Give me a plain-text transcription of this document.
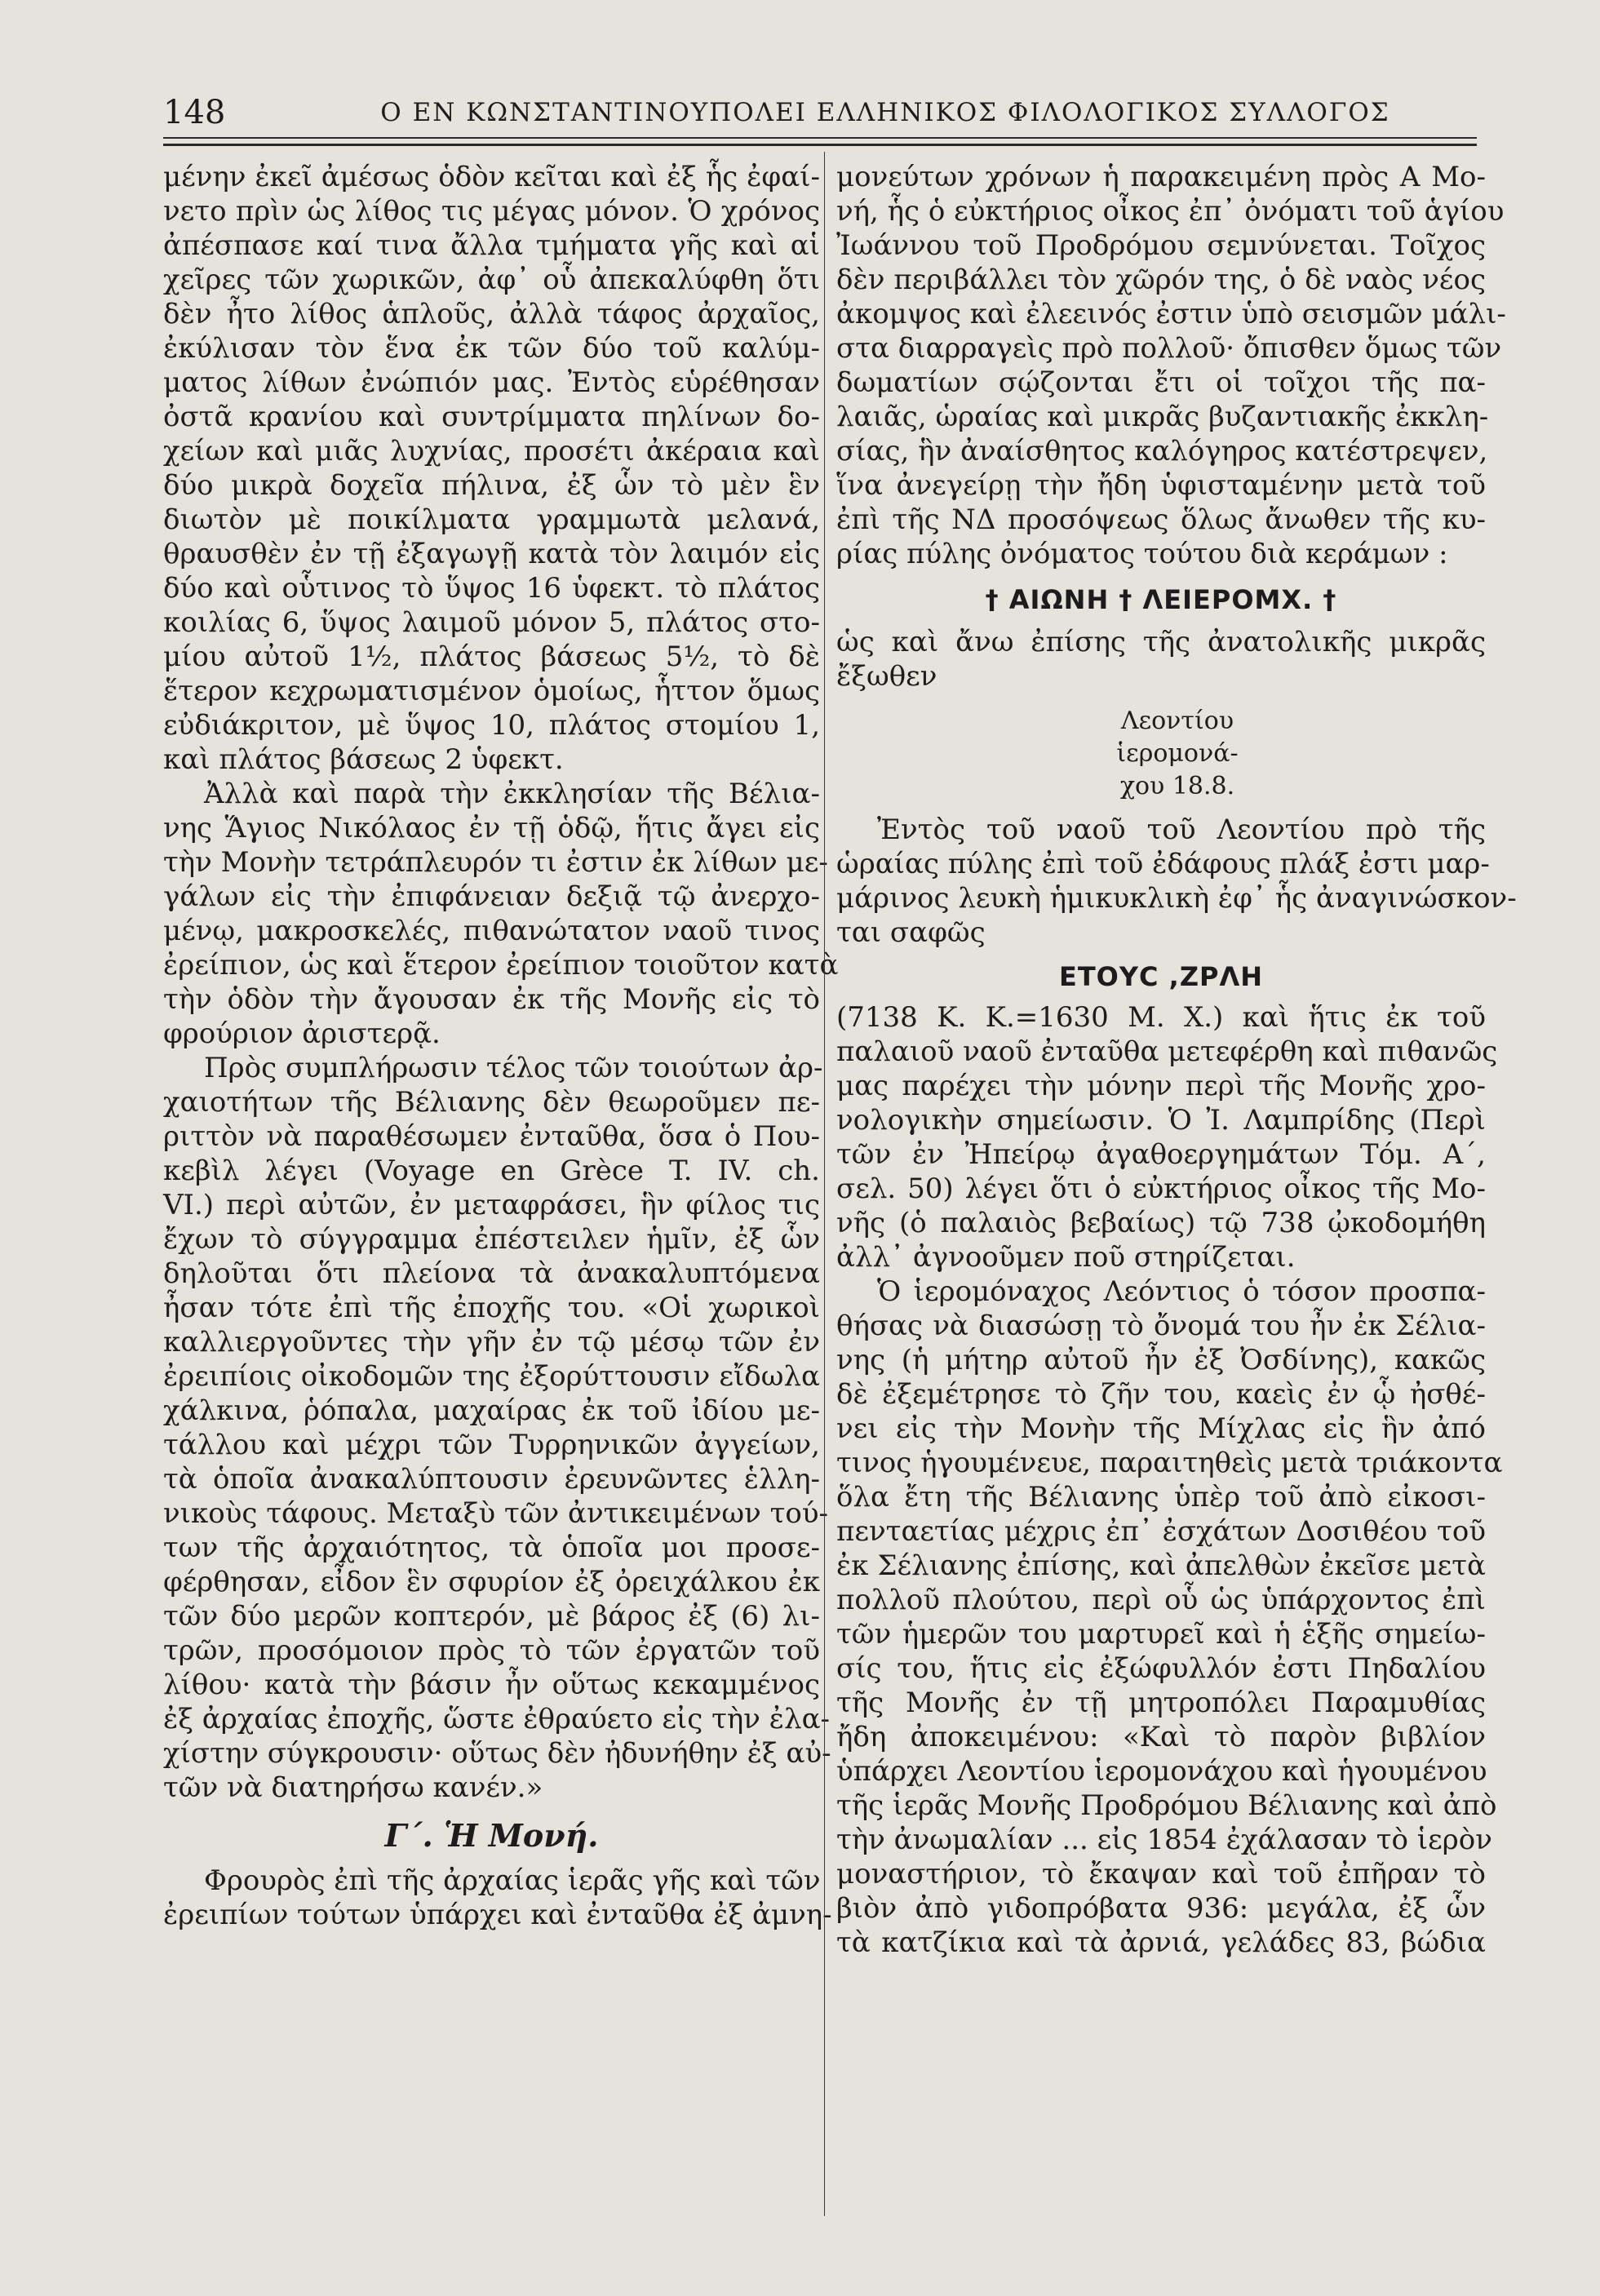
148	Ο ΕΝ ΚΩΝΣΤΑΝΤΙΝΟΥΠΟΛΕΙ ΕΛΛΗΝΙΚΟΣ ΦΙΛΟΛΟΓΙΚΟΣ ΣΥΛΛΟΓΟΣ
μένην ἐκεῖ ἀμέσως ὁδὸν κεῖται καὶ ἐξ ἧς ἐφαί-
νετο πρὶν ὡς λίθος τις μέγας μόνον. Ὁ χρόνος
ἀπέσπασε καί τινα ἄλλα τμήματα γῆς καὶ αἱ
χεῖρες τῶν χωρικῶν, ἀφ᾽ οὗ ἀπεκαλύφθη ὅτι
δὲν ἦτο λίθος ἁπλοῦς, ἀλλὰ τάφος ἀρχαῖος,
ἐκύλισαν τὸν ἕνα ἐκ τῶν δύο τοῦ καλύμ-
ματος λίθων ἐνώπιόν μας. Ἐντὸς εὑρέθησαν
ὀστᾶ κρανίου καὶ συντρίμματα πηλίνων δο-
χείων καὶ μιᾶς λυχνίας, προσέτι ἀκέραια καὶ
δύο μικρὰ δοχεῖα πήλινα, ἐξ ὧν τὸ μὲν ἓν
διωτὸν μὲ ποικίλματα γραμμωτὰ μελανά,
θραυσθὲν ἐν τῇ ἐξαγωγῇ κατὰ τὸν λαιμόν εἰς
δύο καὶ οὗτινος τὸ ὕψος 16 ὑφεκτ. τὸ πλάτος
κοιλίας 6, ὕψος λαιμοῦ μόνον 5, πλάτος στο-
μίου αὐτοῦ 1½, πλάτος βάσεως 5½, τὸ δὲ
ἕτερον κεχρωματισμένον ὁμοίως, ἧττον ὅμως
εὐδιάκριτον, μὲ ὕψος 10, πλάτος στομίου 1,
καὶ πλάτος βάσεως 2 ὑφεκτ.
Ἀλλὰ καὶ παρὰ τὴν ἐκκλησίαν τῆς Βέλια-
νης Ἅγιος Νικόλαος ἐν τῇ ὁδῷ, ἥτις ἄγει εἰς
τὴν Μονὴν τετράπλευρόν τι ἐστιν ἐκ λίθων με-
γάλων εἰς τὴν ἐπιφάνειαν δεξιᾷ τῷ ἀνερχο-
μένῳ, μακροσκελές, πιθανώτατον ναοῦ τινος
ἐρείπιον, ὡς καὶ ἕτερον ἐρείπιον τοιοῦτον κατὰ
τὴν ὁδὸν τὴν ἄγουσαν ἐκ τῆς Μονῆς εἰς τὸ
φρούριον ἀριστερᾷ.
Πρὸς συμπλήρωσιν τέλος τῶν τοιούτων ἀρ-
χαιοτήτων τῆς Βέλιανης δὲν θεωροῦμεν πε-
ριττὸν νὰ παραθέσωμεν ἐνταῦθα, ὅσα ὁ Που-
κεβὶλ λέγει (Voyage en Grèce T. IV. ch.
VI.) περὶ αὐτῶν, ἐν μεταφράσει, ἣν φίλος τις
ἔχων τὸ σύγγραμμα ἐπέστειλεν ἡμῖν, ἐξ ὧν
δηλοῦται ὅτι πλείονα τὰ ἀνακαλυπτόμενα
ἦσαν τότε ἐπὶ τῆς ἐποχῆς του. «Οἱ χωρικοὶ
καλλιεργοῦντες τὴν γῆν ἐν τῷ μέσῳ τῶν ἐν
ἐρειπίοις οἰκοδομῶν της ἐξορύττουσιν εἴδωλα
χάλκινα, ῥόπαλα, μαχαίρας ἐκ τοῦ ἰδίου με-
τάλλου καὶ μέχρι τῶν Τυρρηνικῶν ἀγγείων,
τὰ ὁποῖα ἀνακαλύπτουσιν ἐρευνῶντες ἑλλη-
νικοὺς τάφους. Μεταξὺ τῶν ἀντικειμένων τού-
των τῆς ἀρχαιότητος, τὰ ὁποῖα μοι προσε-
φέρθησαν, εἶδον ἓν σφυρίον ἐξ ὀρειχάλκου ἐκ
τῶν δύο μερῶν κοπτερόν, μὲ βάρος ἐξ (6) λι-
τρῶν, προσόμοιον πρὸς τὸ τῶν ἐργατῶν τοῦ
λίθου· κατὰ τὴν βάσιν ἦν οὕτως κεκαμμένος
ἐξ ἀρχαίας ἐποχῆς, ὥστε ἐθραύετο εἰς τὴν ἐλα-
χίστην σύγκρουσιν· οὕτως δὲν ἠδυνήθην ἐξ αὐ-
τῶν νὰ διατηρήσω κανέν.»
Γ΄. Ἡ Μονή.
Φρουρὸς ἐπὶ τῆς ἀρχαίας ἱερᾶς γῆς καὶ τῶν
ἐρειπίων τούτων ὑπάρχει καὶ ἐνταῦθα ἐξ ἀμνη-
μονεύτων χρόνων ἡ παρακειμένη πρὸς Α Μο-
νή, ἧς ὁ εὐκτήριος οἶκος ἐπ᾽ ὀνόματι τοῦ ἁγίου
Ἰωάννου τοῦ Προδρόμου σεμνύνεται. Τοῖχος
δὲν περιβάλλει τὸν χῶρόν της, ὁ δὲ ναὸς νέος
ἀκομψος καὶ ἐλεεινός ἐστιν ὑπὸ σεισμῶν μάλι-
στα διαρραγεὶς πρὸ πολλοῦ· ὄπισθεν ὅμως τῶν
δωματίων σῴζονται ἔτι οἱ τοῖχοι τῆς πα-
λαιᾶς, ὡραίας καὶ μικρᾶς βυζαντιακῆς ἐκκλη-
σίας, ἣν ἀναίσθητος καλόγηρος κατέστρεψεν,
ἵνα ἀνεγείρῃ τὴν ἤδη ὑφισταμένην μετὰ τοῦ
ἐπὶ τῆς ΝΔ προσόψεως ὅλως ἄνωθεν τῆς κυ-
ρίας πύλης ὀνόματος τούτου διὰ κεράμων :
† ΑΙΩΝΗ † ΛΕΙΕΡΟΜΧ. †
ὡς καὶ ἄνω ἐπίσης τῆς ἀνατολικῆς μικρᾶς
ἔξωθεν
Λεοντίου
ἱερομονά-
χου 18.8.
Ἐντὸς τοῦ ναοῦ τοῦ Λεοντίου πρὸ τῆς
ὡραίας πύλης ἐπὶ τοῦ ἐδάφους πλάξ ἐστι μαρ-
μάρινος λευκὴ ἡμικυκλικὴ ἐφ᾽ ἧς ἀναγινώσκον-
ται σαφῶς
ΕΤΟΥC ,ΖΡΛΗ
(7138 Κ. Κ.=1630 Μ. Χ.) καὶ ἥτις ἐκ τοῦ
παλαιοῦ ναοῦ ἐνταῦθα μετεφέρθη καὶ πιθανῶς
μας παρέχει τὴν μόνην περὶ τῆς Μονῆς χρο-
νολογικὴν σημείωσιν. Ὁ Ἰ. Λαμπρίδης (Περὶ
τῶν ἐν Ἠπείρῳ ἀγαθοεργημάτων Τόμ. Α΄,
σελ. 50) λέγει ὅτι ὁ εὐκτήριος οἶκος τῆς Μο-
νῆς (ὁ παλαιὸς βεβαίως) τῷ 738 ᾠκοδομήθη
ἀλλ᾽ ἀγνοοῦμεν ποῦ στηρίζεται.
Ὁ ἱερομόναχος Λεόντιος ὁ τόσον προσπα-
θήσας νὰ διασώσῃ τὸ ὄνομά του ἦν ἐκ Σέλια-
νης (ἡ μήτηρ αὐτοῦ ἦν ἐξ Ὀσδίνης), κακῶς
δὲ ἐξεμέτρησε τὸ ζῆν του, καεὶς ἐν ᾧ ἠσθέ-
νει εἰς τὴν Μονὴν τῆς Μίχλας εἰς ἣν ἀπό
τινος ἡγουμένευε, παραιτηθεὶς μετὰ τριάκοντα
ὅλα ἔτη τῆς Βέλιανης ὑπὲρ τοῦ ἀπὸ εἰκοσι-
πενταετίας μέχρις ἐπ᾽ ἐσχάτων Δοσιθέου τοῦ
ἐκ Σέλιανης ἐπίσης, καὶ ἀπελθὼν ἐκεῖσε μετὰ
πολλοῦ πλούτου, περὶ οὗ ὡς ὑπάρχοντος ἐπὶ
τῶν ἡμερῶν του μαρτυρεῖ καὶ ἡ ἑξῆς σημείω-
σίς του, ἥτις εἰς ἐξώφυλλόν ἐστι Πηδαλίου
τῆς Μονῆς ἐν τῇ μητροπόλει Παραμυθίας
ἤδη ἀποκειμένου: «Καὶ τὸ παρὸν βιβλίον
ὑπάρχει Λεοντίου ἱερομονάχου καὶ ἡγουμένου
τῆς ἱερᾶς Μονῆς Προδρόμου Βέλιανης καὶ ἀπὸ
τὴν ἀνωμαλίαν ... εἰς 1854 ἐχάλασαν τὸ ἱερὸν
μοναστήριον, τὸ ἔκαψαν καὶ τοῦ ἐπῆραν τὸ
βιὸν ἀπὸ γιδοπρόβατα 936: μεγάλα, ἐξ ὧν
τὰ κατζίκια καὶ τὰ ἀρνιά, γελάδες 83, βώδια
